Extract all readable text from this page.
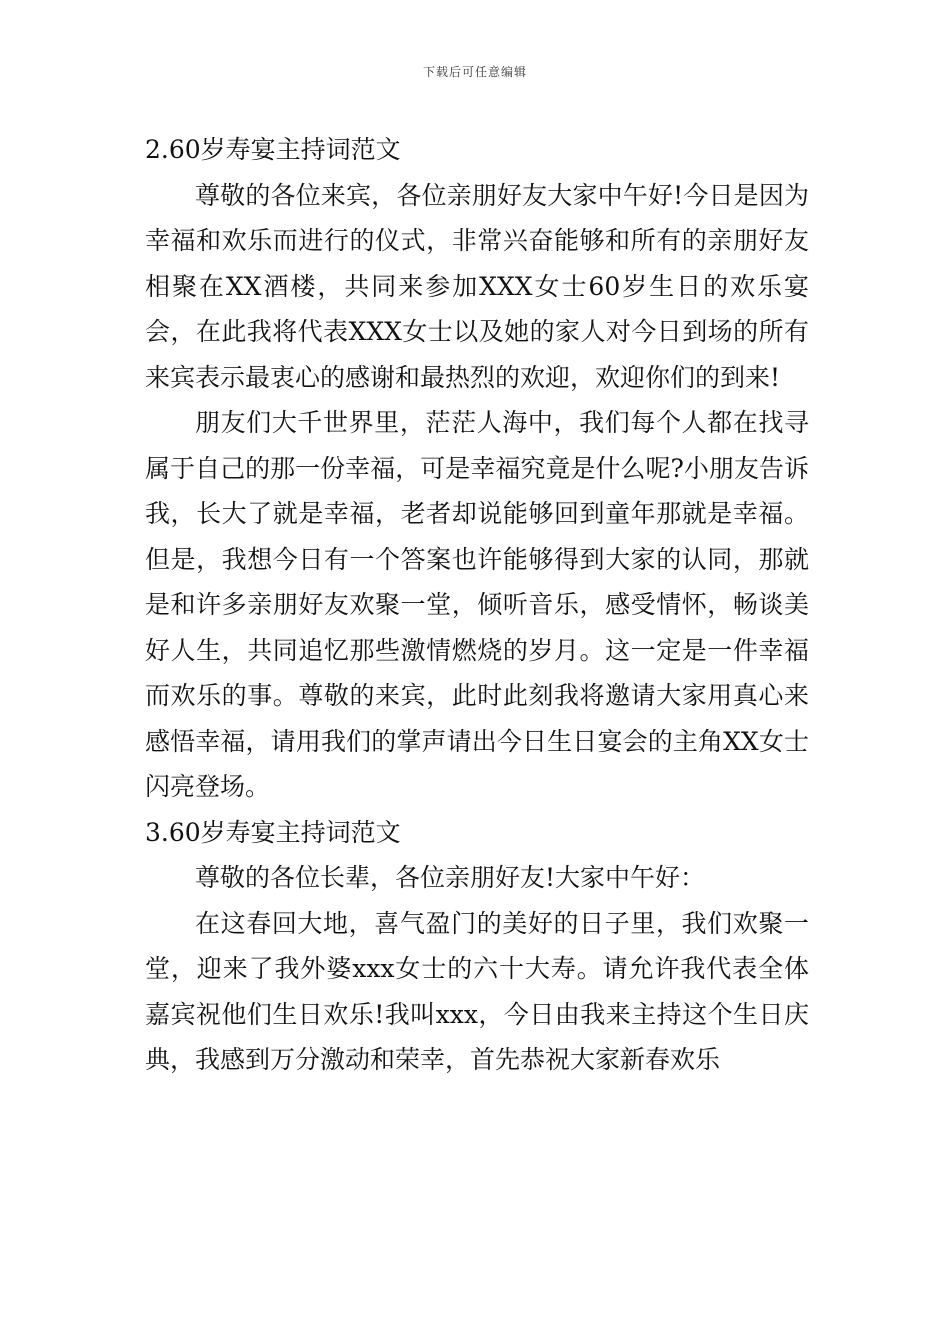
下载后可任意编辑

2.60岁寿宴主持词范文

尊敬的各位来宾，各位亲朋好友大家中午好!今日是因为幸福和欢乐而进行的仪式，非常兴奋能够和所有的亲朋好友相聚在XX酒楼，共同来参加XXX女士60岁生日的欢乐宴会，在此我将代表XXX女士以及她的家人对今日到场的所有来宾表示最衷心的感谢和最热烈的欢迎，欢迎你们的到来!

朋友们大千世界里，茫茫人海中，我们每个人都在找寻属于自己的那一份幸福，可是幸福究竟是什么呢?小朋友告诉我，长大了就是幸福，老者却说能够回到童年那就是幸福。但是，我想今日有一个答案也许能够得到大家的认同，那就是和许多亲朋好友欢聚一堂，倾听音乐，感受情怀，畅谈美好人生，共同追忆那些激情燃烧的岁月。这一定是一件幸福而欢乐的事。尊敬的来宾，此时此刻我将邀请大家用真心来感悟幸福，请用我们的掌声请出今日生日宴会的主角XX女士闪亮登场。

3.60岁寿宴主持词范文

尊敬的各位长辈，各位亲朋好友!大家中午好：

在这春回大地，喜气盈门的美好的日子里，我们欢聚一堂，迎来了我外婆xxx女士的六十大寿。请允许我代表全体嘉宾祝他们生日欢乐!我叫xxx，今日由我来主持这个生日庆典，我感到万分激动和荣幸，首先恭祝大家新春欢乐
